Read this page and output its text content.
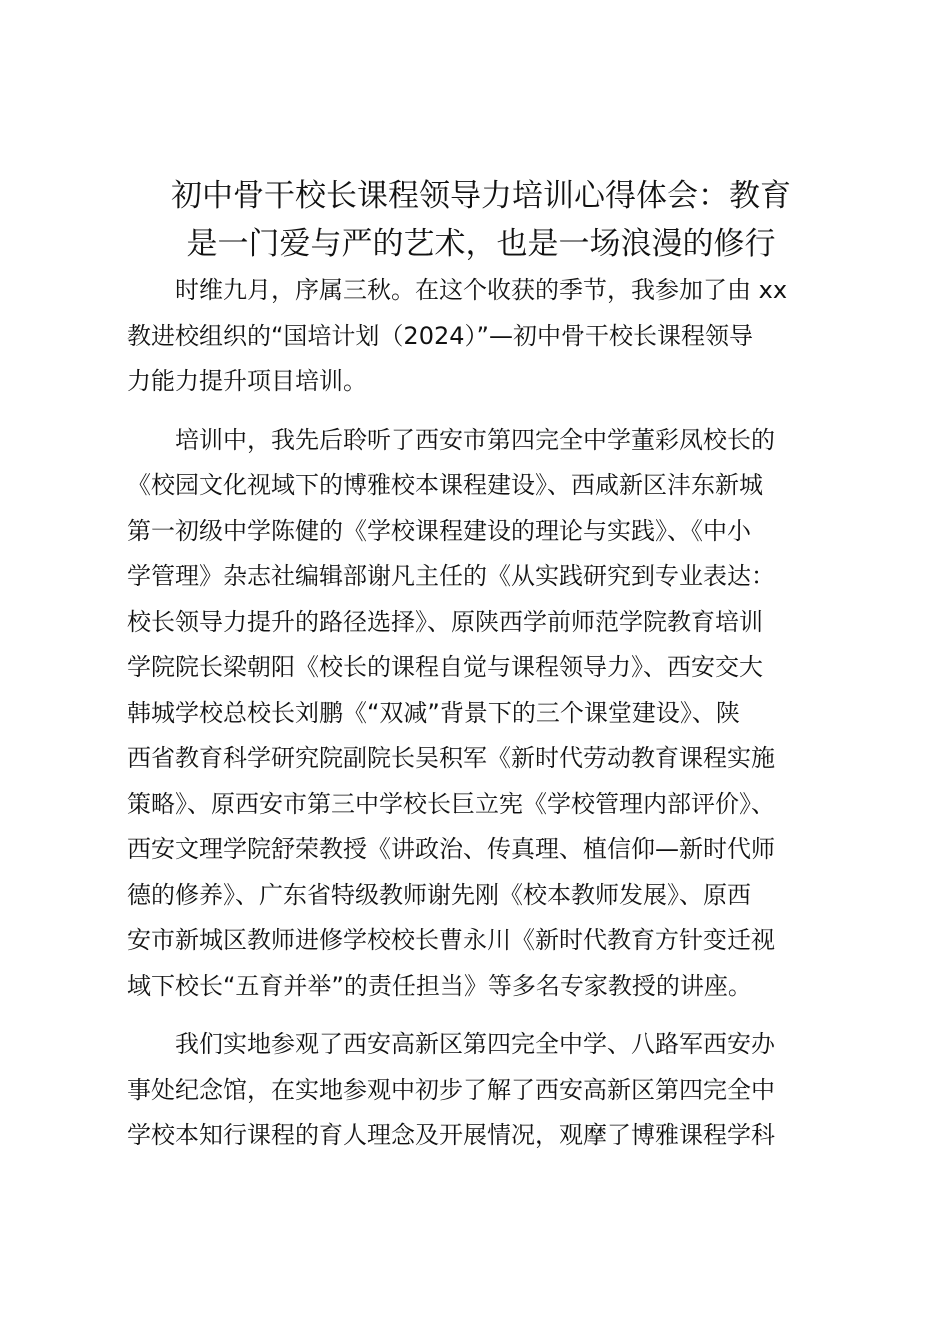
初中骨干校长课程领导力培训心得体会：教育
是一门爱与严的艺术，也是一场浪漫的修行

　　时维九月，序属三秋。在这个收获的季节，我参加了由 xx
教进校组织的“国培计划（2024）”—初中骨干校长课程领导
力能力提升项目培训。

　　培训中，我先后聆听了西安市第四完全中学董彩凤校长的
《校园文化视域下的博雅校本课程建设》、西咸新区沣东新城
第一初级中学陈健的《学校课程建设的理论与实践》、《中小
学管理》杂志社编辑部谢凡主任的《从实践研究到专业表达：
校长领导力提升的路径选择》、原陕西学前师范学院教育培训
学院院长梁朝阳《校长的课程自觉与课程领导力》、西安交大
韩城学校总校长刘鹏《“双减”背景下的三个课堂建设》、陕
西省教育科学研究院副院长吴积军《新时代劳动教育课程实施
策略》、原西安市第三中学校长巨立宪《学校管理内部评价》、
西安文理学院舒荣教授《讲政治、传真理、植信仰—新时代师
德的修养》、广东省特级教师谢先刚《校本教师发展》、原西
安市新城区教师进修学校校长曹永川《新时代教育方针变迁视
域下校长“五育并举”的责任担当》等多名专家教授的讲座。

　　我们实地参观了西安高新区第四完全中学、八路军西安办
事处纪念馆，在实地参观中初步了解了西安高新区第四完全中
学校本知行课程的育人理念及开展情况，观摩了博雅课程学科
